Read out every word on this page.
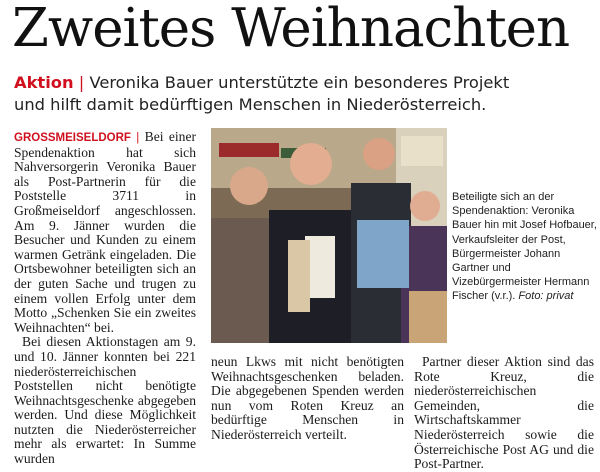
Zweites Weihnachten
Aktion | Veronika Bauer unterstützte ein besonderes Projekt
und hilft damit bedürftigen Menschen in Niederösterreich.

GROSSMEISELDORF | Bei einer Spendenaktion hat sich Nahversorgerin Veronika Bauer als Post-Partnerin für die Poststelle 3711 in Großmeiseldorf angeschlossen. Am 9. Jänner wurden die Besucher und Kunden zu einem warmen Getränk eingeladen. Die Ortsbewohner beteiligten sich an der guten Sache und trugen zu einem vollen Erfolg unter dem Motto „Schenken Sie ein zweites Weihnachten“ bei.

Bei diesen Aktionstagen am 9. und 10. Jänner konnten bei 221 niederösterreichischen Poststellen nicht benötigte Weihnachtsgeschenke abgegeben werden. Und diese Möglichkeit nutzten die Niederösterreicher mehr als erwartet: In Summe wurden

Beteiligte sich an der Spendenaktion: Veronika Bauer hin mit Josef Hofbauer, Verkaufsleiter der Post, Bürgermeister Johann Gartner und Vizebürgermeister Hermann Fischer (v.r.). Foto: privat

neun Lkws mit nicht benötigten Weihnachtsgeschenken beladen. Die abgegebenen Spenden werden nun vom Roten Kreuz an bedürftige Menschen in Niederösterreich verteilt.

Partner dieser Aktion sind das Rote Kreuz, die niederösterreichischen Gemeinden, die Wirtschaftskammer Niederösterreich sowie die Österreichische Post AG und die Post-Partner.
